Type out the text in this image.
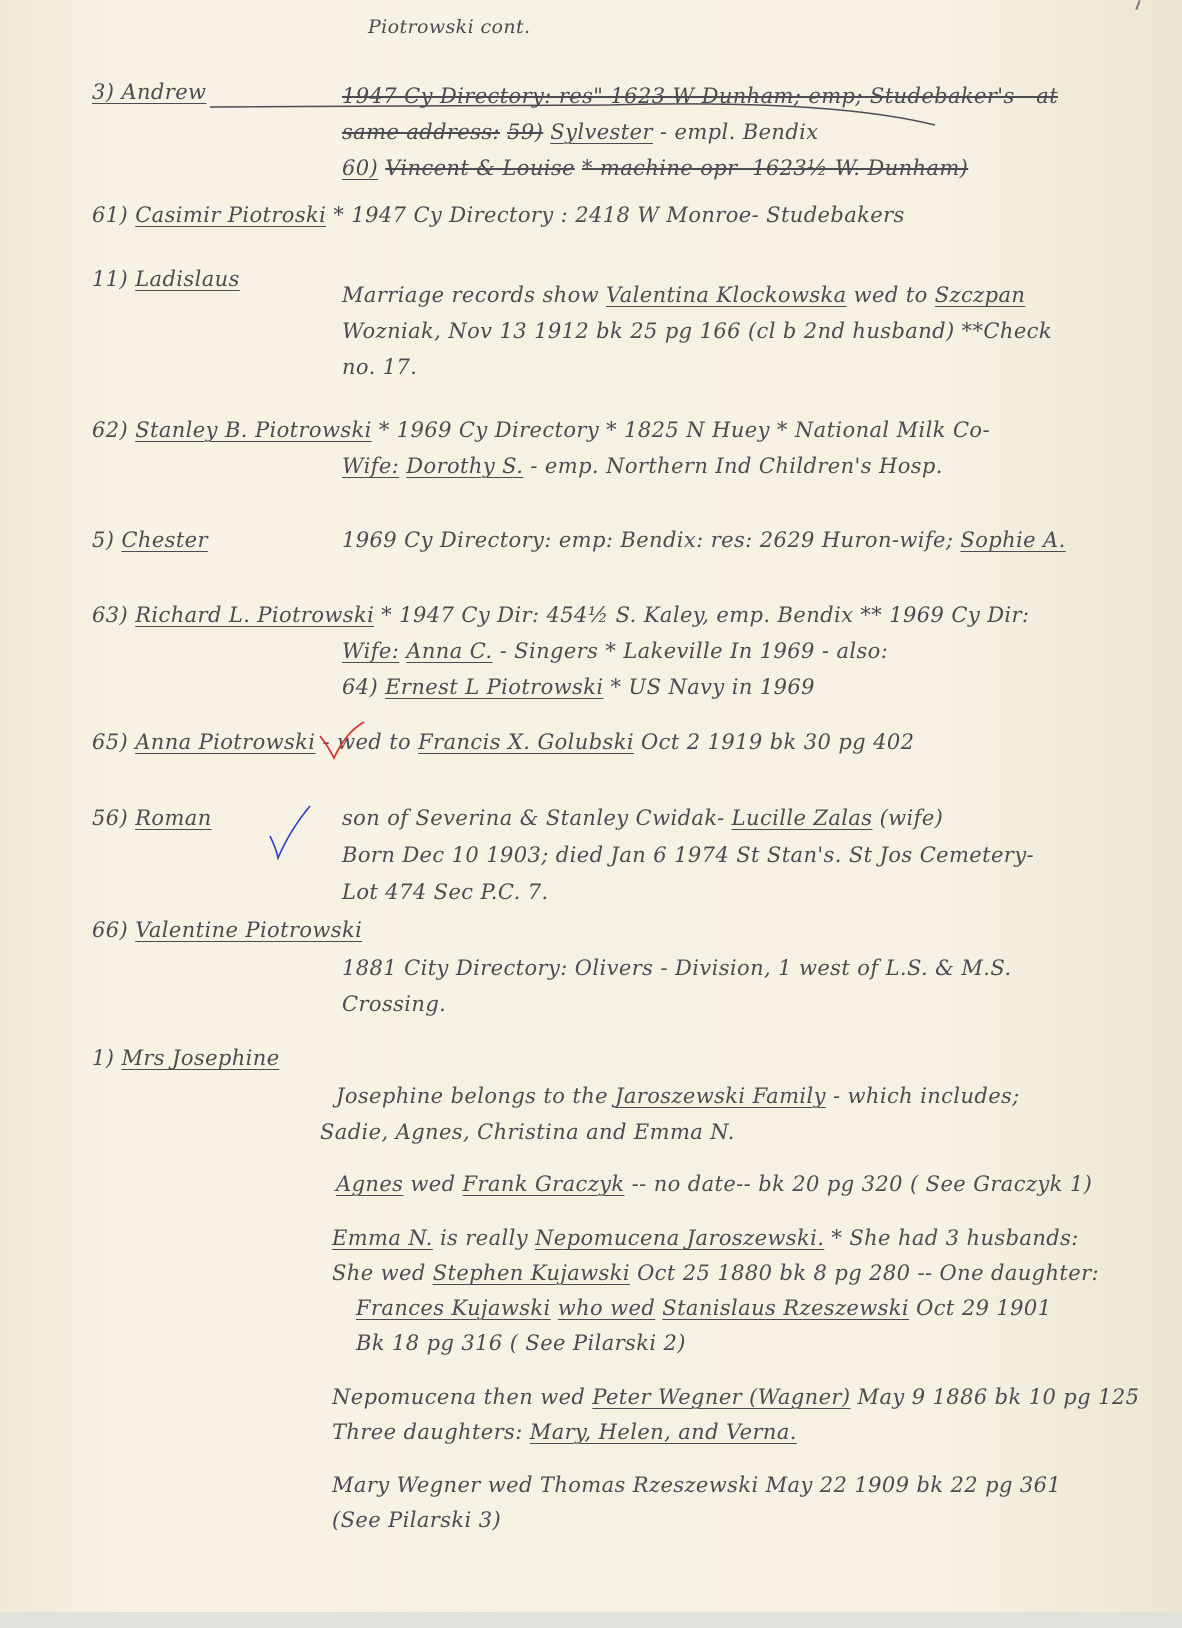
Piotrowski cont.
3) Andrew	1947 Cy Directory: res" 1623 W Dunham; emp; Studebaker's - at
same address: 59) Sylvester - empl. Bendix
60) Vincent & Louise * machine opr- 1623½ W. Dunham)
61) Casimir Piotroski * 1947 Cy Directory : 2418 W Monroe- Studebakers
11) Ladislaus
Marriage records show Valentina Klockowska wed to Szczpan
Wozniak, Nov 13 1912 bk 25 pg 166 (cl b 2nd husband) **Check
no. 17.
62) Stanley B. Piotrowski * 1969 Cy Directory * 1825 N Huey * National Milk Co-
Wife: Dorothy S. - emp. Northern Ind Children's Hosp.
5) Chester	1969 Cy Directory: emp: Bendix: res: 2629 Huron-wife; Sophie A.
63) Richard L. Piotrowski * 1947 Cy Dir: 454½ S. Kaley, emp. Bendix ** 1969 Cy Dir:
Wife: Anna C. - Singers * Lakeville In 1969 - also:
64) Ernest L Piotrowski * US Navy in 1969
65) Anna Piotrowski - wed to Francis X. Golubski Oct 2 1919 bk 30 pg 402
56) Roman	son of Severina & Stanley Cwidak- Lucille Zalas (wife)
Born Dec 10 1903; died Jan 6 1974 St Stan's. St Jos Cemetery-
Lot 474 Sec P.C. 7.
66) Valentine Piotrowski
1881 City Directory: Olivers - Division, 1 west of L.S. & M.S.
Crossing.
1) Mrs Josephine
Josephine belongs to the Jaroszewski Family - which includes;
Sadie, Agnes, Christina and Emma N.
Agnes wed Frank Graczyk -- no date-- bk 20 pg 320 ( See Graczyk 1)
Emma N. is really Nepomucena Jaroszewski. * She had 3 husbands:
She wed Stephen Kujawski Oct 25 1880 bk 8 pg 280 -- One daughter:
Frances Kujawski who wed Stanislaus Rzeszewski Oct 29 1901
Bk 18 pg 316 ( See Pilarski 2)
Nepomucena then wed Peter Wegner (Wagner) May 9 1886 bk 10 pg 125
Three daughters: Mary, Helen, and Verna.
Mary Wegner wed Thomas Rzeszewski May 22 1909 bk 22 pg 361
(See Pilarski 3)
